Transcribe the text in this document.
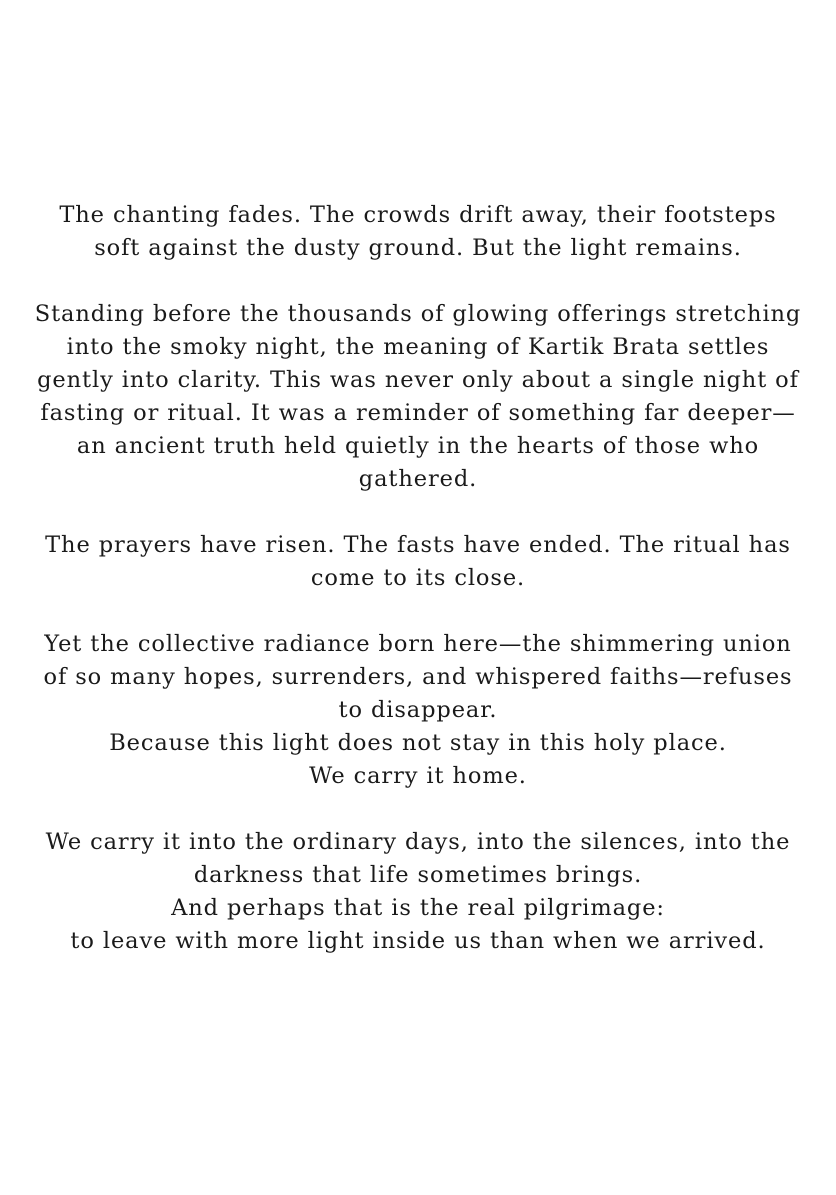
The chanting fades. The crowds drift away, their footsteps
soft against the dusty ground. But the light remains.

Standing before the thousands of glowing offerings stretching
into the smoky night, the meaning of Kartik Brata settles
gently into clarity. This was never only about a single night of
fasting or ritual. It was a reminder of something far deeper—
an ancient truth held quietly in the hearts of those who
gathered.

The prayers have risen. The fasts have ended. The ritual has
come to its close.

Yet the collective radiance born here—the shimmering union
of so many hopes, surrenders, and whispered faiths—refuses
to disappear.
Because this light does not stay in this holy place.
We carry it home.

We carry it into the ordinary days, into the silences, into the
darkness that life sometimes brings.
And perhaps that is the real pilgrimage:
to leave with more light inside us than when we arrived.
